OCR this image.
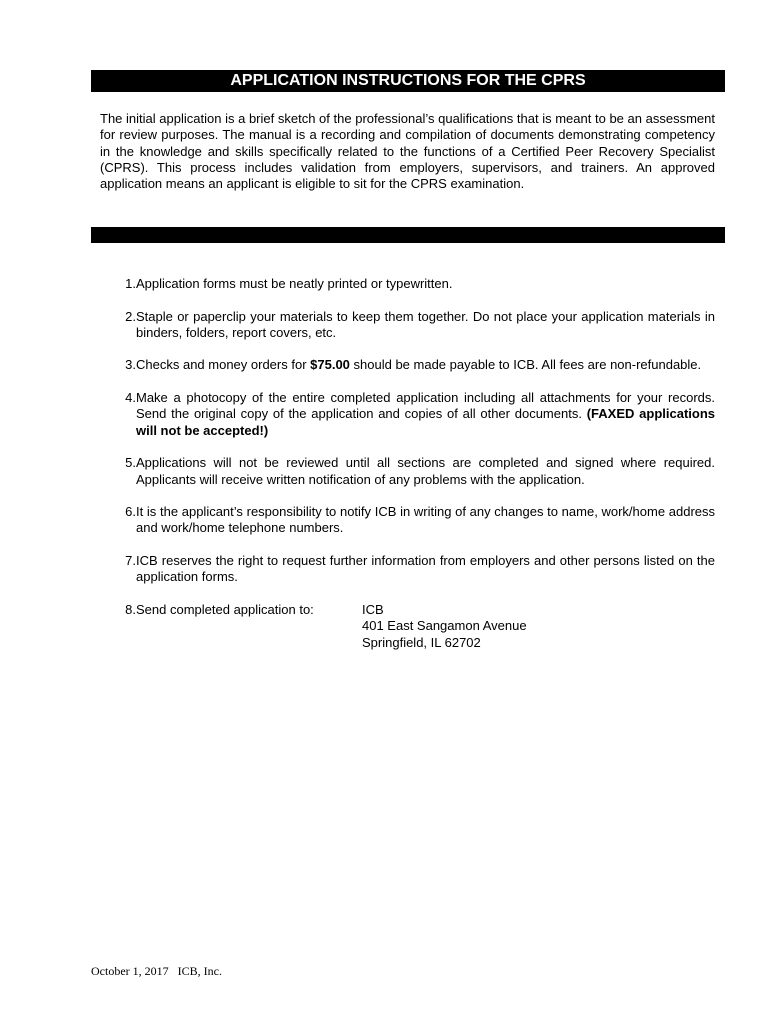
APPLICATION INSTRUCTIONS FOR THE CPRS

The initial application is a brief sketch of the professional’s qualifications that is meant to be an assessment for review purposes. The manual is a recording and compilation of documents demonstrating competency in the knowledge and skills specifically related to the functions of a Certified Peer Recovery Specialist (CPRS). This process includes validation from employers, supervisors, and trainers. An approved application means an applicant is eligible to sit for the CPRS examination.

1. Application forms must be neatly printed or typewritten.
2. Staple or paperclip your materials to keep them together. Do not place your application materials in binders, folders, report covers, etc.
3. Checks and money orders for $75.00 should be made payable to ICB. All fees are non-refundable.
4. Make a photocopy of the entire completed application including all attachments for your records. Send the original copy of the application and copies of all other documents. (FAXED applications will not be accepted!)
5. Applications will not be reviewed until all sections are completed and signed where required. Applicants will receive written notification of any problems with the application.
6. It is the applicant’s responsibility to notify ICB in writing of any changes to name, work/home address and work/home telephone numbers.
7. ICB reserves the right to request further information from employers and other persons listed on the application forms.
8. Send completed application to:	ICB
401 East Sangamon Avenue
Springfield, IL 62702
October 1, 2017   ICB, Inc.
